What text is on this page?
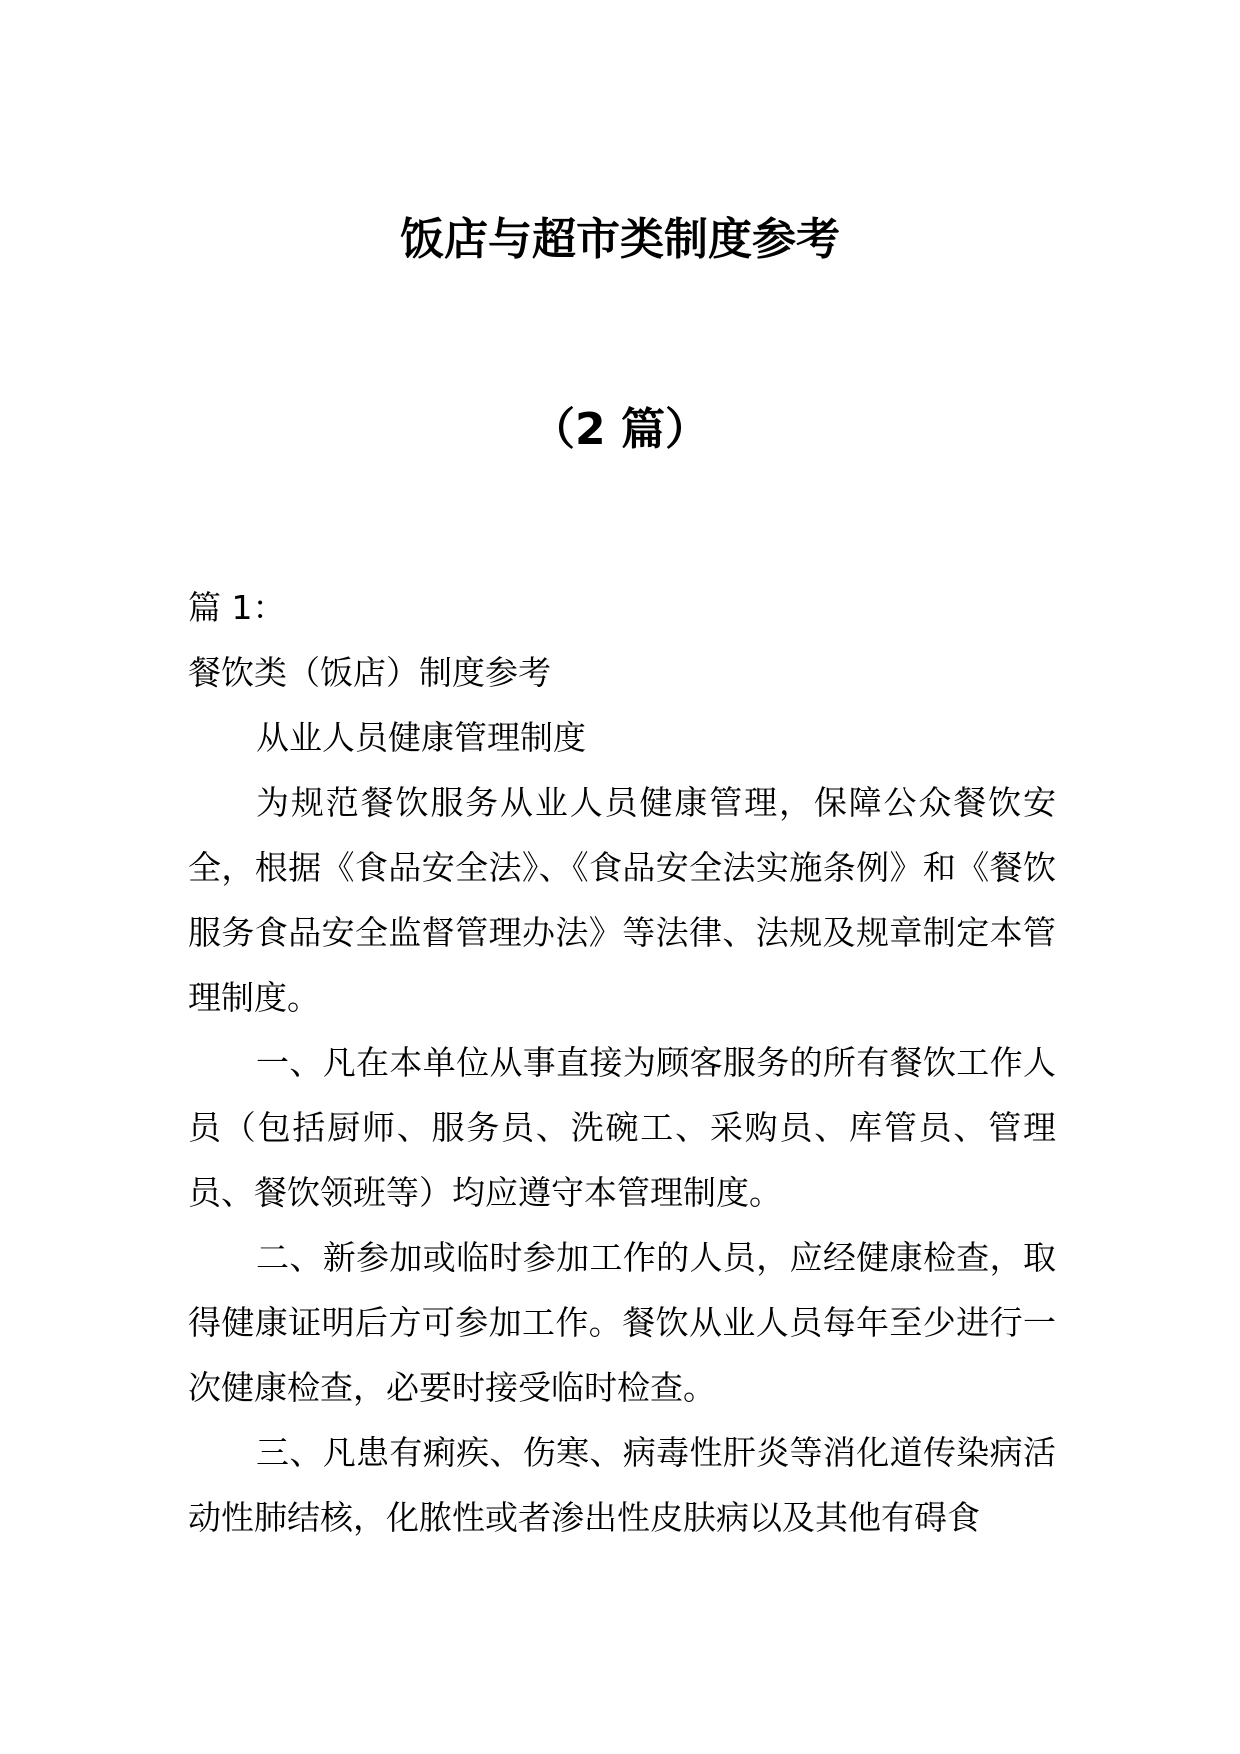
饭店与超市类制度参考
（2 篇）
篇 1：
餐饮类（饭店）制度参考
从业人员健康管理制度
为规范餐饮服务从业人员健康管理，保障公众餐饮安全，根据《食品安全法》、《食品安全法实施条例》和《餐饮服务食品安全监督管理办法》等法律、法规及规章制定本管理制度。
一、凡在本单位从事直接为顾客服务的所有餐饮工作人员（包括厨师、服务员、洗碗工、采购员、库管员、管理员、餐饮领班等）均应遵守本管理制度。
二、新参加或临时参加工作的人员，应经健康检查，取得健康证明后方可参加工作。餐饮从业人员每年至少进行一次健康检查，必要时接受临时检查。
三、凡患有痢疾、伤寒、病毒性肝炎等消化道传染病活动性肺结核，化脓性或者渗出性皮肤病以及其他有碍食
